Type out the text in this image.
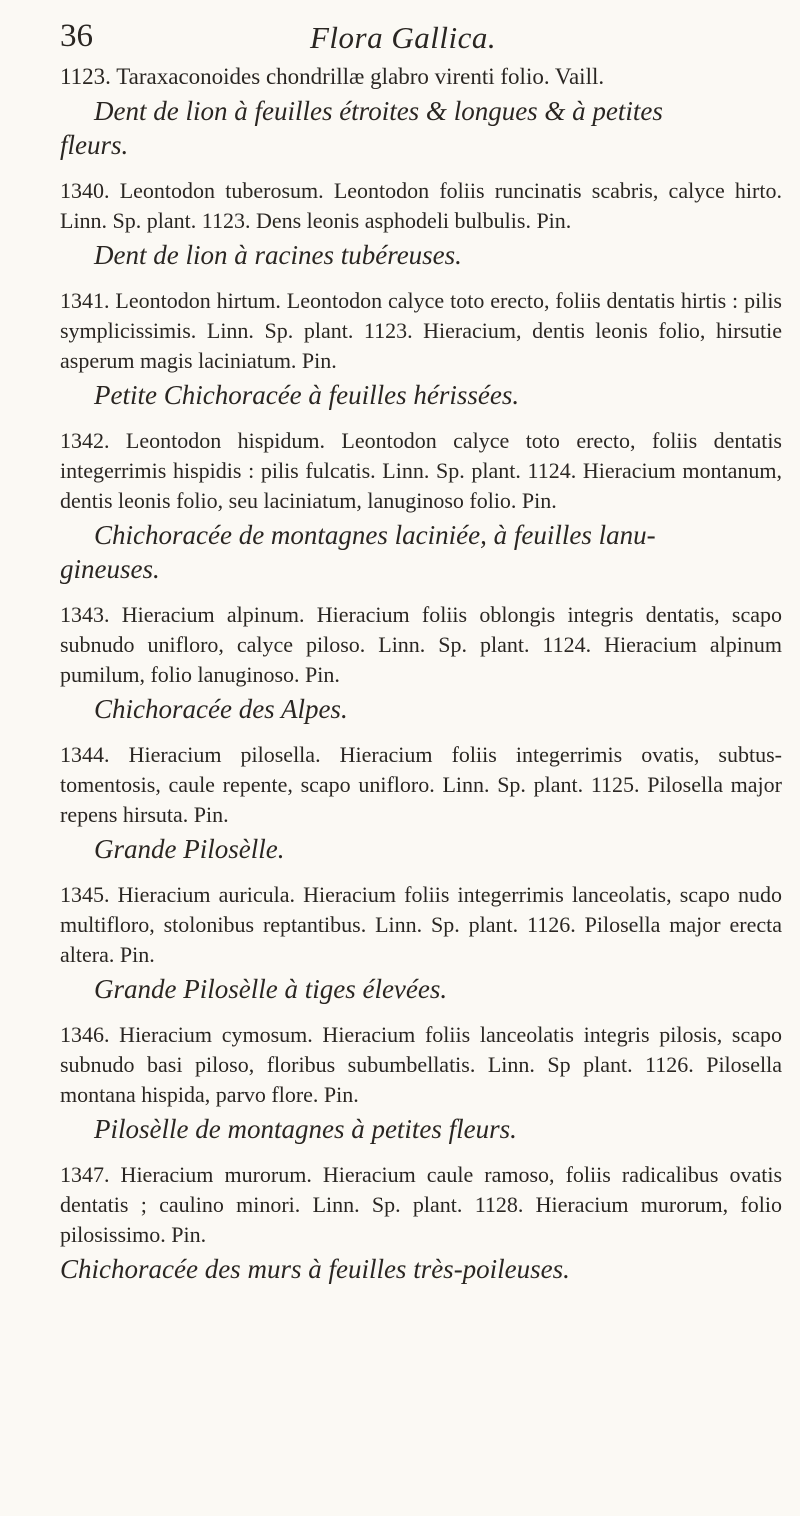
36	Flora Gallica.
1123. Taraxaconoides chondrillæ glabro virenti folio. Vaill.
Dent de lion à feuilles étroites & longues & à petites
fleurs.
1340. Leontodon tuberosum. Leontodon foliis runcinatis scabris, calyce hirto. Linn. Sp. plant. 1123. Dens leonis asphodeli bulbulis. Pin.
Dent de lion à racines tubéreuses.
1341. Leontodon hirtum. Leontodon calyce toto erecto, foliis dentatis hirtis : pilis symplicissimis. Linn. Sp. plant. 1123. Hieracium, dentis leonis folio, hirsutie asperum magis laciniatum. Pin.
Petite Chichoracée à feuilles hérissées.
1342. Leontodon hispidum. Leontodon calyce toto erecto, foliis dentatis integerrimis hispidis : pilis fulcatis. Linn. Sp. plant. 1124. Hieracium montanum, dentis leonis folio, seu laciniatum, lanuginoso folio. Pin.
Chichoracée de montagnes laciniée, à feuilles lanu-
gineuses.
1343. Hieracium alpinum. Hieracium foliis oblongis integris dentatis, scapo subnudo unifloro, calyce piloso. Linn. Sp. plant. 1124. Hieracium alpinum pumilum, folio lanuginoso. Pin.
Chichoracée des Alpes.
1344. Hieracium pilosella. Hieracium foliis integerrimis ovatis, subtus-tomentosis, caule repente, scapo unifloro. Linn. Sp. plant. 1125. Pilosella major repens hirsuta. Pin.
Grande Pilosèlle.
1345. Hieracium auricula. Hieracium foliis integerrimis lanceolatis, scapo nudo multifloro, stolonibus reptantibus. Linn. Sp. plant. 1126. Pilosella major erecta altera. Pin.
Grande Pilosèlle à tiges élevées.
1346. Hieracium cymosum. Hieracium foliis lanceolatis integris pilosis, scapo subnudo basi piloso, floribus subumbellatis. Linn. Sp plant. 1126. Pilosella montana hispida, parvo flore. Pin.
Pilosèlle de montagnes à petites fleurs.
1347. Hieracium murorum. Hieracium caule ramoso, foliis radicalibus ovatis dentatis ; caulino minori. Linn. Sp. plant. 1128. Hieracium murorum, folio pilosissimo. Pin.
Chichoracée des murs à feuilles très-poileuses.
